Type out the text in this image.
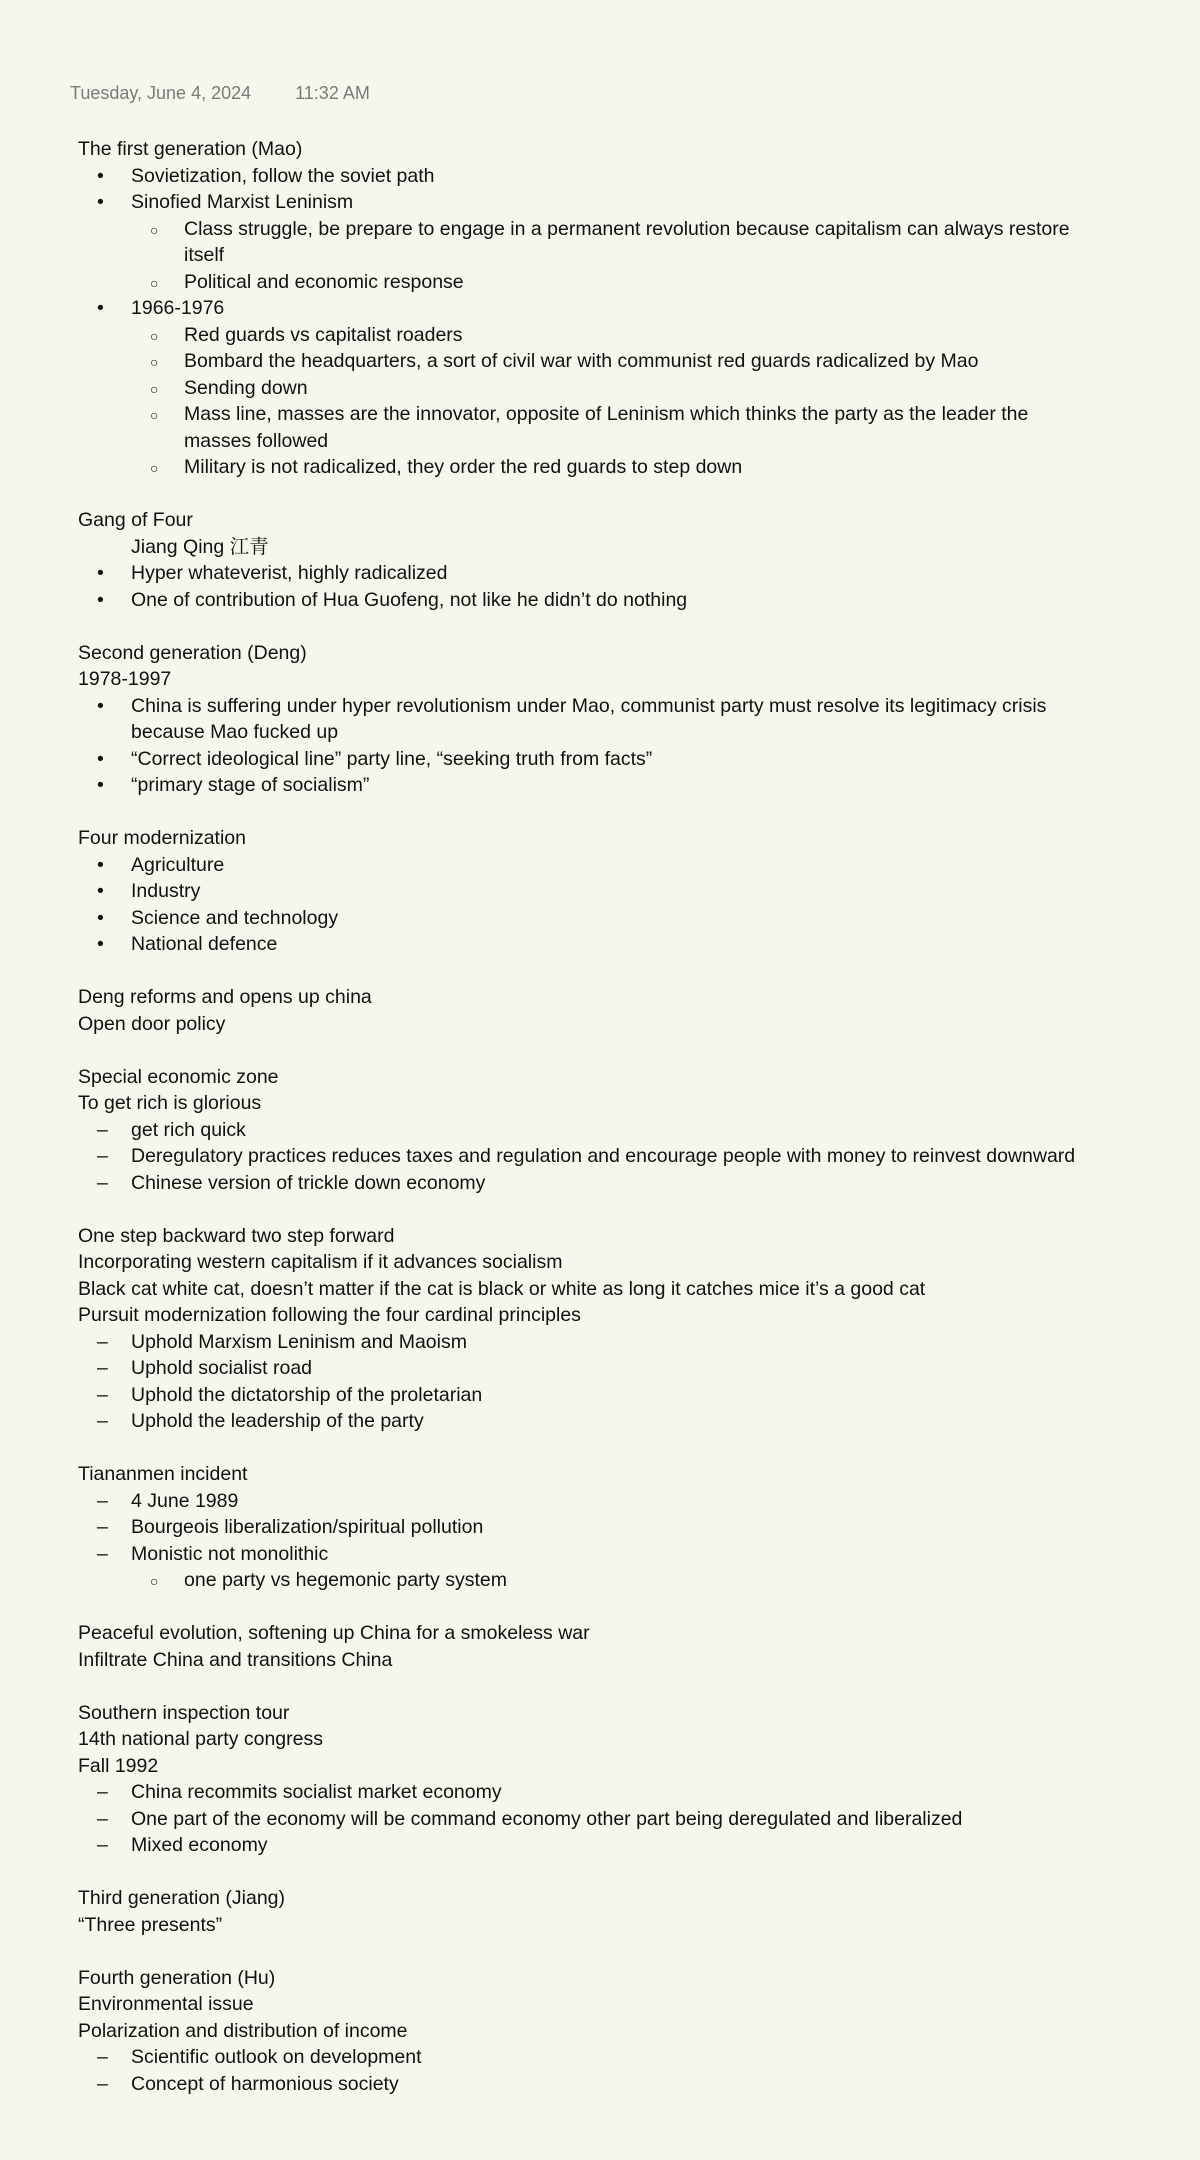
Tuesday, June 4, 2024 11:32 AM

The first generation (Mao)

•
Sovietization, follow the soviet path
•
Sinofied Marxist Leninism
○
Class struggle, be prepare to engage in a permanent revolution because capitalism can always restore itself
○
Political and economic response
•
1966-1976
○
Red guards vs capitalist roaders
○
Bombard the headquarters, a sort of civil war with communist red guards radicalized by Mao
○
Sending down
○
Mass line, masses are the innovator, opposite of Leninism which thinks the party as the leader the masses followed
○
Military is not radicalized, they order the red guards to step down

Gang of Four

Jiang Qing 江青

•
Hyper whateverist, highly radicalized
•
One of contribution of Hua Guofeng, not like he didn’t do nothing

Second generation (Deng)

1978-1997

•
China is suffering under hyper revolutionism under Mao, communist party must resolve its legitimacy crisis because Mao fucked up
•
“Correct ideological line” party line, “seeking truth from facts”
•
“primary stage of socialism”

Four modernization

•
Agriculture
•
Industry
•
Science and technology
•
National defence

Deng reforms and opens up china

Open door policy

Special economic zone

To get rich is glorious

–
get rich quick
–
Deregulatory practices reduces taxes and regulation and encourage people with money to reinvest downward
–
Chinese version of trickle down economy

One step backward two step forward

Incorporating western capitalism if it advances socialism

Black cat white cat, doesn’t matter if the cat is black or white as long it catches mice it’s a good cat

Pursuit modernization following the four cardinal principles

–
Uphold Marxism Leninism and Maoism
–
Uphold socialist road
–
Uphold the dictatorship of the proletarian
–
Uphold the leadership of the party

Tiananmen incident

–
4 June 1989
–
Bourgeois liberalization/spiritual pollution
–
Monistic not monolithic
○
one party vs hegemonic party system

Peaceful evolution, softening up China for a smokeless war

Infiltrate China and transitions China

Southern inspection tour

14th national party congress

Fall 1992

–
China recommits socialist market economy
–
One part of the economy will be command economy other part being deregulated and liberalized
–
Mixed economy

Third generation (Jiang)

“Three presents”

Fourth generation (Hu)

Environmental issue

Polarization and distribution of income

–
Scientific outlook on development
–
Concept of harmonious society
